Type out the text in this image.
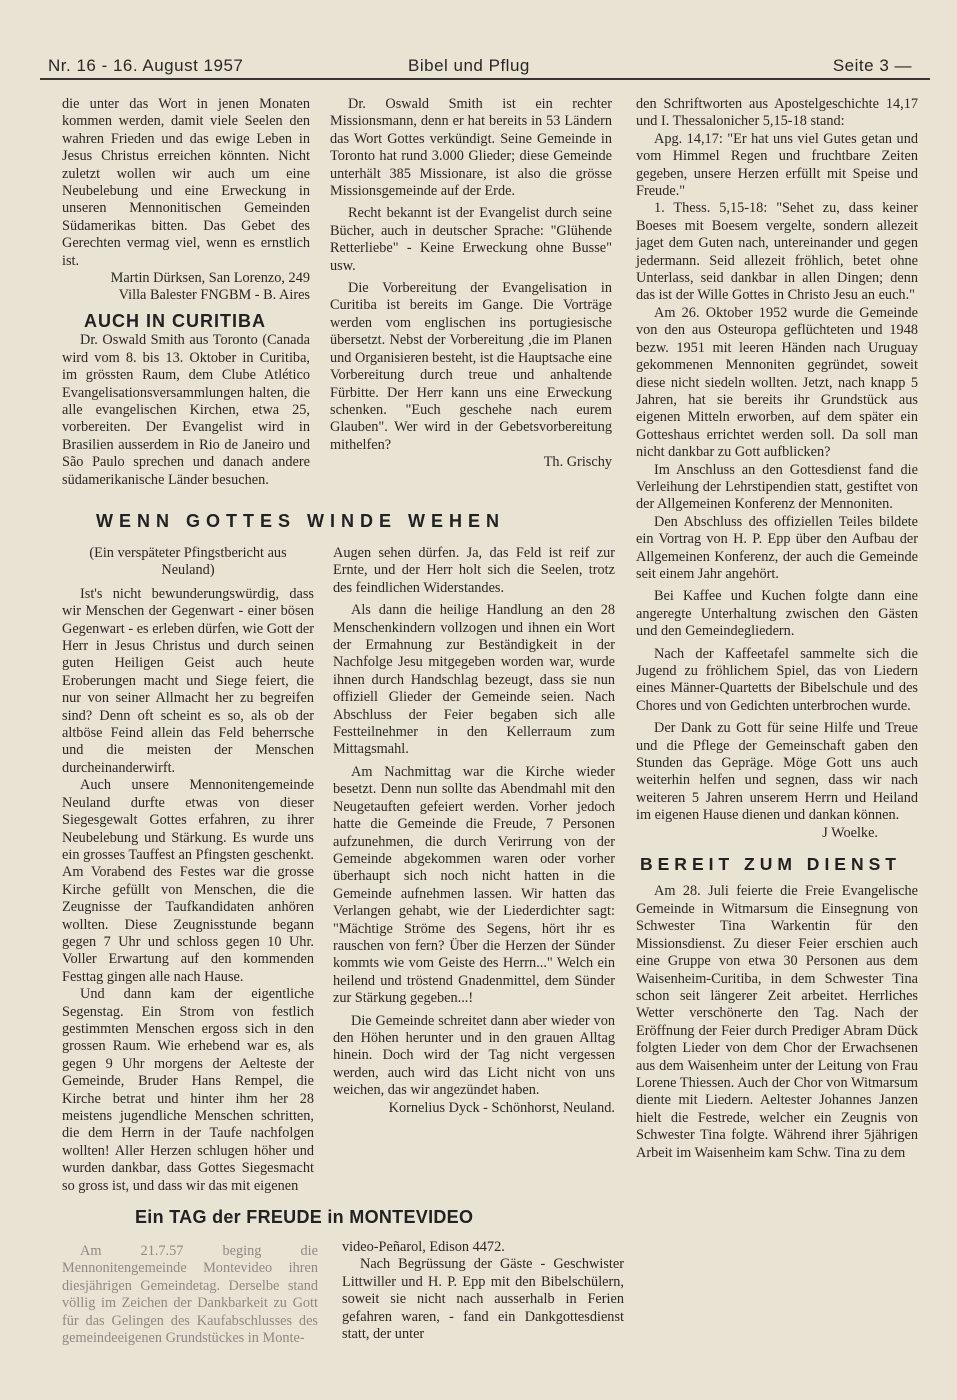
Nr. 16 - 16. August 1957	Bibel und Pflug	Seite 3 —

die unter das Wort in jenen Monaten kommen werden, damit viele Seelen den wahren Frieden und das ewige Leben in Jesus Christus erreichen könnten. Nicht zuletzt wollen wir auch um eine Neubelebung und eine Erweckung in unseren Mennonitischen Gemeinden Südamerikas bitten. Das Gebet des Gerechten vermag viel, wenn es ernstlich ist.

Martin Dürksen, San Lorenzo, 249

Villa Balester FNGBM - B. Aires

AUCH IN CURITIBA

Dr. Oswald Smith aus Toronto (Canada wird vom 8. bis 13. Oktober in Curitiba, im grössten Raum, dem Clube Atlético Evangelisationsversammlungen halten, die alle evangelischen Kirchen, etwa 25, vorbereiten. Der Evangelist wird in Brasilien ausserdem in Rio de Janeiro und São Paulo sprechen und danach andere südamerikanische Länder besuchen.

Dr. Oswald Smith ist ein rechter Missionsmann, denn er hat bereits in 53 Ländern das Wort Gottes verkündigt. Seine Gemeinde in Toronto hat rund 3.000 Glieder; diese Gemeinde unterhält 385 Missionare, ist also die grösse Missionsgemeinde auf der Erde.

Recht bekannt ist der Evangelist durch seine Bücher, auch in deutscher Sprache: "Glühende Retterliebe" - Keine Erweckung ohne Busse" usw.

Die Vorbereitung der Evangelisation in Curitiba ist bereits im Gange. Die Vorträge werden vom englischen ins portugiesische übersetzt. Nebst der Vorbereitung ,die im Planen und Organisieren besteht, ist die Hauptsache eine Vorbereitung durch treue und anhaltende Fürbitte. Der Herr kann uns eine Erweckung schenken. "Euch geschehe nach eurem Glauben". Wer wird in der Gebetsvorbereitung mithelfen?

Th. Grischy

den Schriftworten aus Apostelgeschichte 14,17 und I. Thessalonicher 5,15-18 stand:

Apg. 14,17: "Er hat uns viel Gutes getan und vom Himmel Regen und fruchtbare Zeiten gegeben, unsere Herzen erfüllt mit Speise und Freude."

1. Thess. 5,15-18: "Sehet zu, dass keiner Boeses mit Boesem vergelte, sondern allezeit jaget dem Guten nach, untereinander und gegen jedermann. Seid allezeit fröhlich, betet ohne Unterlass, seid dankbar in allen Dingen; denn das ist der Wille Gottes in Christo Jesu an euch."

Am 26. Oktober 1952 wurde die Gemeinde von den aus Osteuropa geflüchteten und 1948 bezw. 1951 mit leeren Händen nach Uruguay gekommenen Mennoniten gegründet, soweit diese nicht siedeln wollten. Jetzt, nach knapp 5 Jahren, hat sie bereits ihr Grundstück aus eigenen Mitteln erworben, auf dem später ein Gotteshaus errichtet werden soll. Da soll man nicht dankbar zu Gott aufblicken?

Im Anschluss an den Gottesdienst fand die Verleihung der Lehrstipendien statt, gestiftet von der Allgemeinen Konferenz der Mennoniten.

Den Abschluss des offiziellen Teiles bildete ein Vortrag von H. P. Epp über den Aufbau der Allgemeinen Konferenz, der auch die Gemeinde seit einem Jahr angehört.

Bei Kaffee und Kuchen folgte dann eine angeregte Unterhaltung zwischen den Gästen und den Gemeindegliedern.

Nach der Kaffeetafel sammelte sich die Jugend zu fröhlichem Spiel, das von Liedern eines Männer-Quartetts der Bibelschule und des Chores und von Gedichten unterbrochen wurde.

Der Dank zu Gott für seine Hilfe und Treue und die Pflege der Gemeinschaft gaben den Stunden das Gepräge. Möge Gott uns auch weiterhin helfen und segnen, dass wir nach weiteren 5 Jahren unserem Herrn und Heiland im eigenen Hause dienen und dankan können.

J Woelke.

BEREIT ZUM DIENST

Am 28. Juli feierte die Freie Evangelische Gemeinde in Witmarsum die Einsegnung von Schwester Tina Warkentin für den Missionsdienst. Zu dieser Feier erschien auch eine Gruppe von etwa 30 Personen aus dem Waisenheim-Curitiba, in dem Schwester Tina schon seit längerer Zeit arbeitet. Herrliches Wetter verschönerte den Tag. Nach der Eröffnung der Feier durch Prediger Abram Dück folgten Lieder von dem Chor der Erwachsenen aus dem Waisenheim unter der Leitung von Frau Lorene Thiessen. Auch der Chor von Witmarsum diente mit Liedern. Aeltester Johannes Janzen hielt die Festrede, welcher ein Zeugnis von Schwester Tina folgte. Während ihrer 5jährigen Arbeit im Waisenheim kam Schw. Tina zu dem

WENN GOTTES WINDE WEHEN

(Ein verspäteter Pfingstbericht aus Neuland)

Ist's nicht bewunderungswürdig, dass wir Menschen der Gegenwart - einer bösen Gegenwart - es erleben dürfen, wie Gott der Herr in Jesus Christus und durch seinen guten Heiligen Geist auch heute Eroberungen macht und Siege feiert, die nur von seiner Allmacht her zu begreifen sind? Denn oft scheint es so, als ob der altböse Feind allein das Feld beherrsche und die meisten der Menschen durcheinanderwirft.

Auch unsere Mennonitengemeinde Neuland durfte etwas von dieser Siegesgewalt Gottes erfahren, zu ihrer Neubelebung und Stärkung. Es wurde uns ein grosses Tauffest an Pfingsten geschenkt. Am Vorabend des Festes war die grosse Kirche gefüllt von Menschen, die die Zeugnisse der Taufkandidaten anhören wollten. Diese Zeugnisstunde begann gegen 7 Uhr und schloss gegen 10 Uhr. Voller Erwartung auf den kommenden Festtag gingen alle nach Hause.

Und dann kam der eigentliche Segenstag. Ein Strom von festlich gestimmten Menschen ergoss sich in den grossen Raum. Wie erhebend war es, als gegen 9 Uhr morgens der Aelteste der Gemeinde, Bruder Hans Rempel, die Kirche betrat und hinter ihm her 28 meistens jugendliche Menschen schritten, die dem Herrn in der Taufe nachfolgen wollten! Aller Herzen schlugen höher und wurden dankbar, dass Gottes Siegesmacht so gross ist, und dass wir das mit eigenen

Augen sehen dürfen. Ja, das Feld ist reif zur Ernte, und der Herr holt sich die Seelen, trotz des feindlichen Widerstandes.

Als dann die heilige Handlung an den 28 Menschenkindern vollzogen und ihnen ein Wort der Ermahnung zur Beständigkeit in der Nachfolge Jesu mitgegeben worden war, wurde ihnen durch Handschlag bezeugt, dass sie nun offiziell Glieder der Gemeinde seien. Nach Abschluss der Feier begaben sich alle Festteilnehmer in den Kellerraum zum Mittagsmahl.

Am Nachmittag war die Kirche wieder besetzt. Denn nun sollte das Abendmahl mit den Neugetauften gefeiert werden. Vorher jedoch hatte die Gemeinde die Freude, 7 Personen aufzunehmen, die durch Verirrung von der Gemeinde abgekommen waren oder vorher überhaupt sich noch nicht hatten in die Gemeinde aufnehmen lassen. Wir hatten das Verlangen gehabt, wie der Liederdichter sagt: "Mächtige Ströme des Segens, hört ihr es rauschen von fern? Über die Herzen der Sünder kommts wie vom Geiste des Herrn..." Welch ein heilend und tröstend Gnadenmittel, dem Sünder zur Stärkung gegeben...!

Die Gemeinde schreitet dann aber wieder von den Höhen herunter und in den grauen Alltag hinein. Doch wird der Tag nicht vergessen werden, auch wird das Licht nicht von uns weichen, das wir angezündet haben.

Kornelius Dyck - Schönhorst, Neuland.

Ein TAG der FREUDE in MONTEVIDEO

Am 21.7.57 beging die Mennonitengemeinde Montevideo ihren diesjährigen Gemeindetag. Derselbe stand völlig im Zeichen der Dankbarkeit zu Gott für das Gelingen des Kaufabschlusses des gemeindeeigenen Grundstückes in Monte-

video-Peñarol, Edison 4472.

Nach Begrüssung der Gäste - Geschwister Littwiller und H. P. Epp mit den Bibelschülern, soweit sie nicht nach ausserhalb in Ferien gefahren waren, - fand ein Dankgottesdienst statt, der unter
